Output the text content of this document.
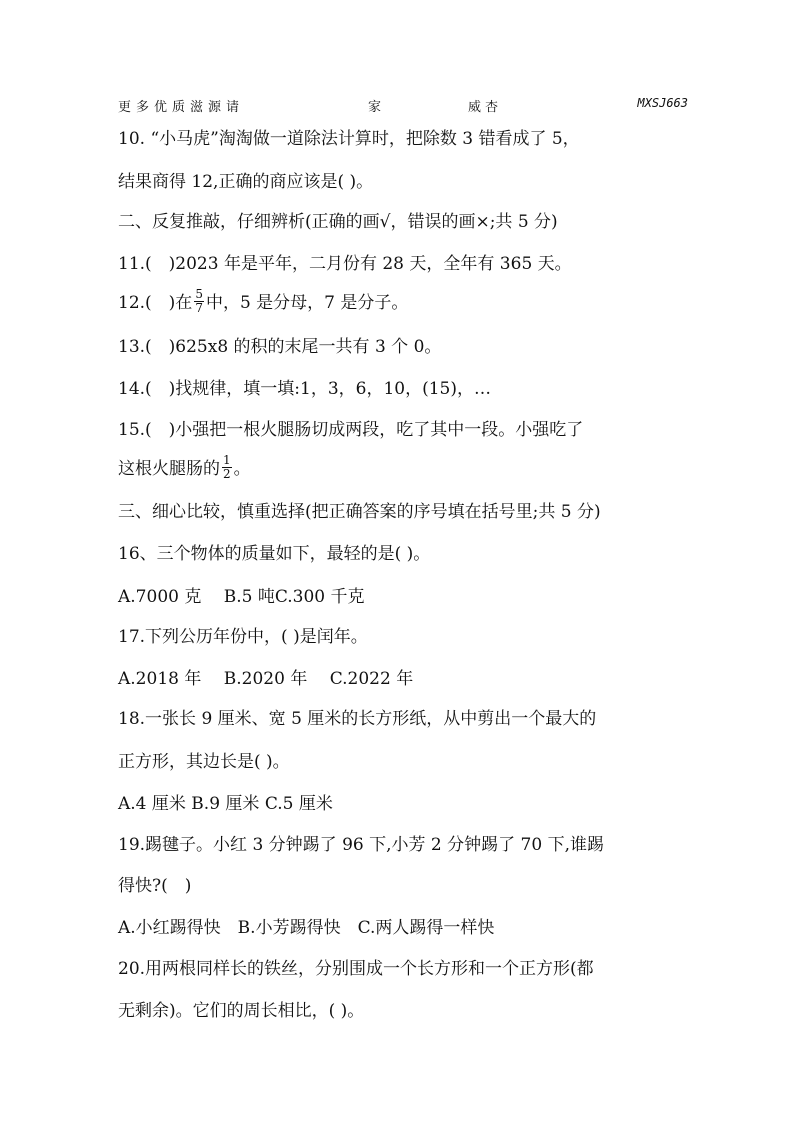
更多优质滋源请	家	威杏	MXSJ663
10. “小马虎”淘淘做一道除法计算时，把除数 3 错看成了 5，
结果商得 12,正确的商应该是( )。
二、反复推敲，仔细辨析(正确的画√，错误的画×;共 5 分)
11.(　)2023 年是平年，二月份有 28 天，全年有 365 天。
12.(　)在 $\frac{5}{7}$ 中，5 是分母，7 是分子。
13.(　)625x8 的积的末尾一共有 3 个 0。
14.(　)找规律，填一填:1，3，6，10，(15)，…
15.(　)小强把一根火腿肠切成两段，吃了其中一段。小强吃了
这根火腿肠的 $\frac{1}{2}$ 。
三、细心比较，慎重选择(把正确答案的序号填在括号里;共 5 分)
16、三个物体的质量如下，最轻的是( )。
A.7000 克　 B.5 吨C.300 千克
17.下列公历年份中，( )是闰年。
A.2018 年　 B.2020 年　 C.2022 年
18.一张长 9 厘米、宽 5 厘米的长方形纸，从中剪出一个最大的
正方形，其边长是( )。
A.4 厘米 B.9 厘米 C.5 厘米
19.踢毽子。小红 3 分钟踢了 96 下,小芳 2 分钟踢了 70 下,谁踢
得快?(　)
A.小红踢得快　B.小芳踢得快　C.两人踢得一样快
20.用两根同样长的铁丝，分别围成一个长方形和一个正方形(都
无剩余)。它们的周长相比，( )。
